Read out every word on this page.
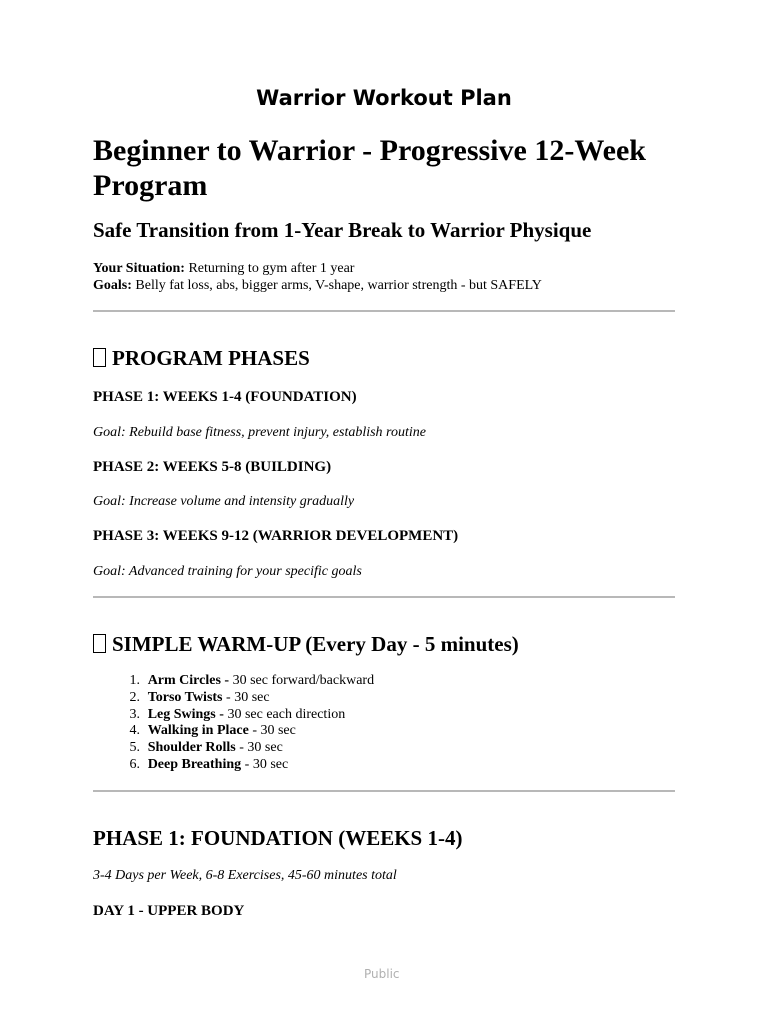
Warrior Workout Plan
Beginner to Warrior - Progressive 12-Week Program
Safe Transition from 1-Year Break to Warrior Physique
Your Situation: Returning to gym after 1 year
Goals: Belly fat loss, abs, bigger arms, V-shape, warrior strength - but SAFELY
PROGRAM PHASES
PHASE 1: WEEKS 1-4 (FOUNDATION)
Goal: Rebuild base fitness, prevent injury, establish routine
PHASE 2: WEEKS 5-8 (BUILDING)
Goal: Increase volume and intensity gradually
PHASE 3: WEEKS 9-12 (WARRIOR DEVELOPMENT)
Goal: Advanced training for your specific goals
SIMPLE WARM-UP (Every Day - 5 minutes)
1. Arm Circles - 30 sec forward/backward
2. Torso Twists - 30 sec
3. Leg Swings - 30 sec each direction
4. Walking in Place - 30 sec
5. Shoulder Rolls - 30 sec
6. Deep Breathing - 30 sec
PHASE 1: FOUNDATION (WEEKS 1-4)
3-4 Days per Week, 6-8 Exercises, 45-60 minutes total
DAY 1 - UPPER BODY
Public
